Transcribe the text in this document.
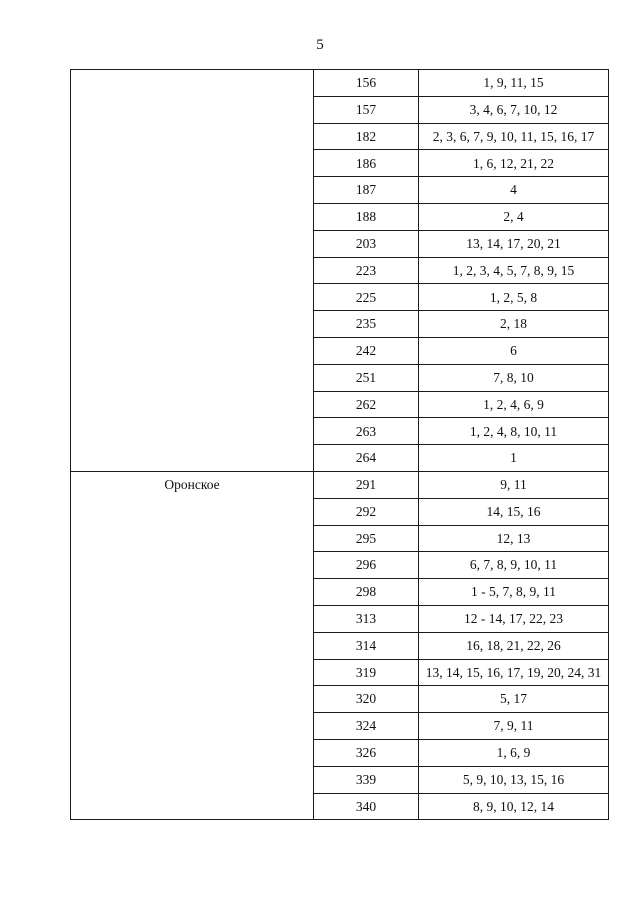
5
	156	1, 9, 11, 15
	157	3, 4, 6, 7, 10, 12
	182	2, 3, 6, 7, 9, 10, 11, 15, 16, 17
	186	1, 6, 12, 21, 22
	187	4
	188	2, 4
	203	13, 14, 17, 20, 21
	223	1, 2, 3, 4, 5, 7, 8, 9, 15
	225	1, 2, 5, 8
	235	2, 18
	242	6
	251	7, 8, 10
	262	1, 2, 4, 6, 9
	263	1, 2, 4, 8, 10, 11
	264	1
Оронское	291	9, 11
	292	14, 15, 16
	295	12, 13
	296	6, 7, 8, 9, 10, 11
	298	1 - 5, 7, 8, 9, 11
	313	12 - 14, 17, 22, 23
	314	16, 18, 21, 22, 26
	319	13, 14, 15, 16, 17, 19, 20, 24, 31
	320	5, 17
	324	7, 9, 11
	326	1, 6, 9
	339	5, 9, 10, 13, 15, 16
	340	8, 9, 10, 12, 14
